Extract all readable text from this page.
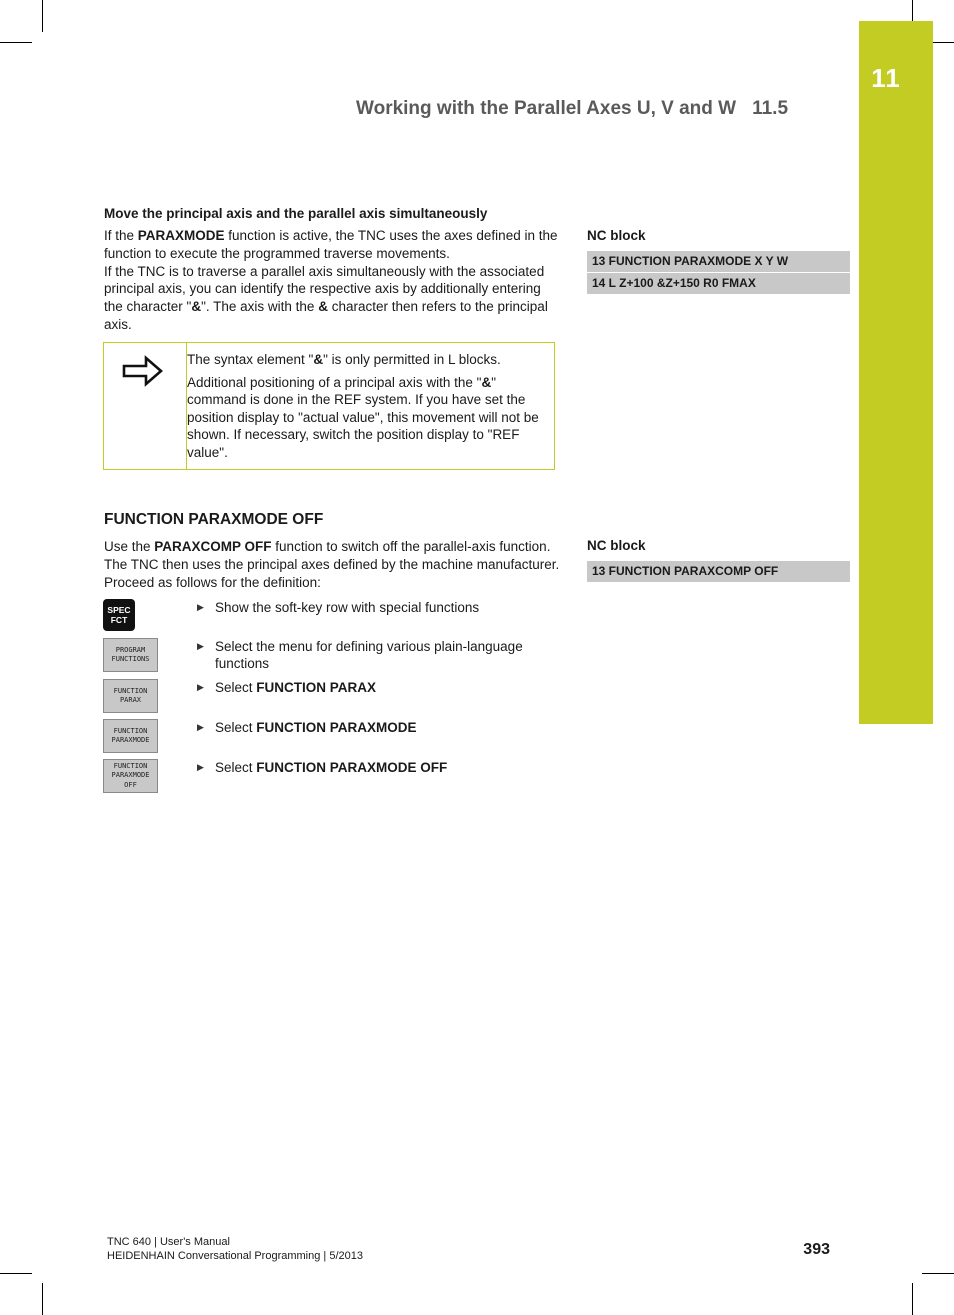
11
Working with the Parallel Axes U, V and W 11.5
Move the principal axis and the parallel axis simultaneously

If the PARAXMODE function is active, the TNC uses the axes defined in the function to execute the programmed traverse movements.
If the TNC is to traverse a parallel axis simultaneously with the associated principal axis, you can identify the respective axis by additionally entering the character "&". The axis with the & character then refers to the principal axis.

The syntax element "&" is only permitted in L blocks.

Additional positioning of a principal axis with the "&" command is done in the REF system. If you have set the position display to "actual value", this movement will not be shown. If necessary, switch the position display to "REF value".

NC block
13 FUNCTION PARAXMODE X Y W
14 L Z+100 &Z+150 R0 FMAX
FUNCTION PARAXMODE OFF

Use the PARAXCOMP OFF function to switch off the parallel-axis function. The TNC then uses the principal axes defined by the machine manufacturer. Proceed as follows for the definition:

SPEC
FCT
▶ Show the soft-key row with special functions
PROGRAM
FUNCTIONS
▶ Select the menu for defining various plain-language functions
FUNCTION
PARAX
▶ Select FUNCTION PARAX
FUNCTION
PARAXMODE
▶ Select FUNCTION PARAXMODE
FUNCTION
PARAXMODE
OFF
▶ Select FUNCTION PARAXMODE OFF
NC block
13 FUNCTION PARAXCOMP OFF
TNC 640 | User's Manual
HEIDENHAIN Conversational Programming | 5/2013	393
